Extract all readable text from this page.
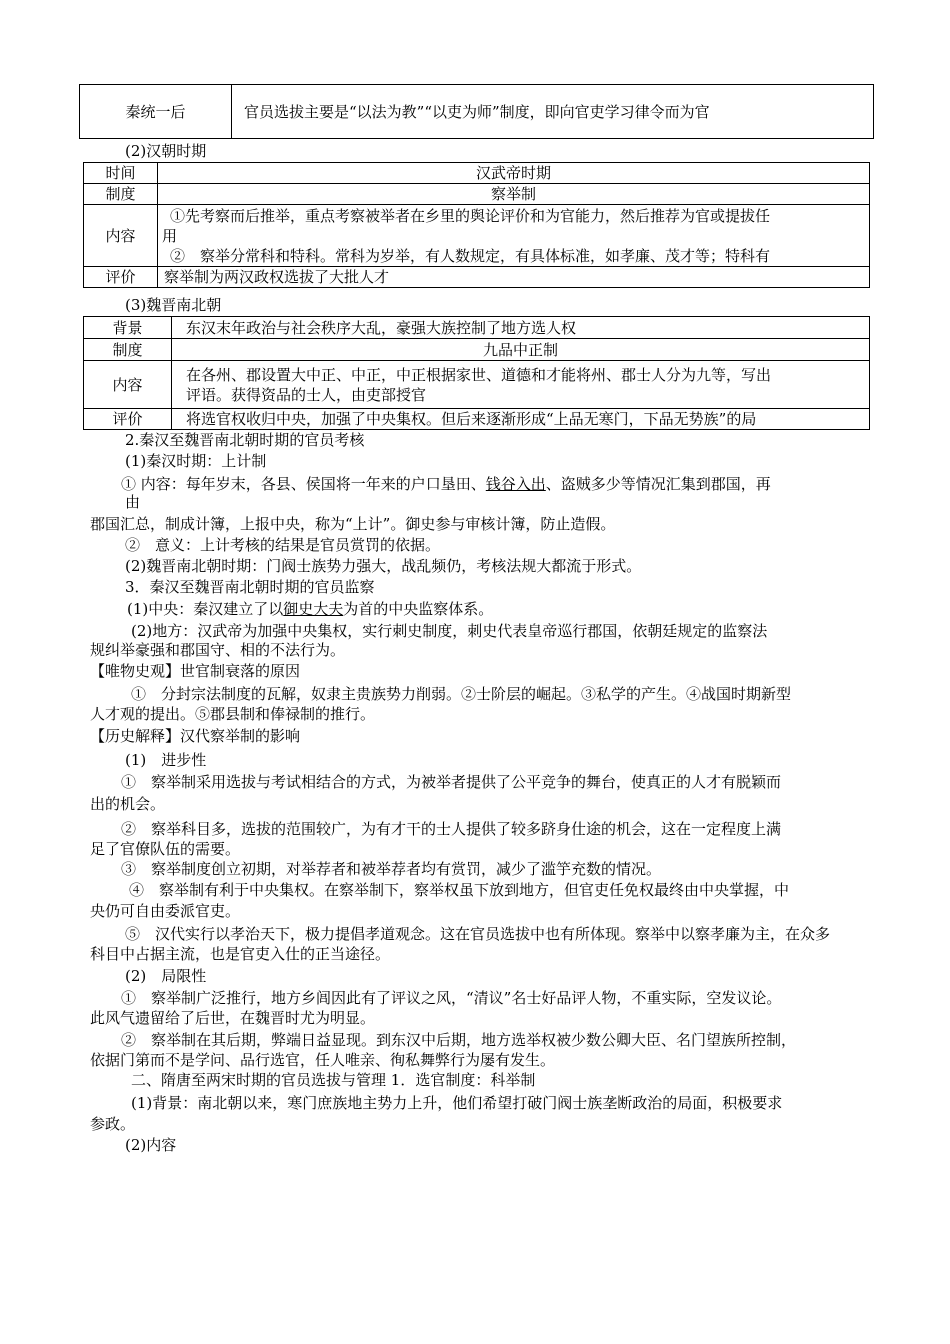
秦统一后	官员选拔主要是“以法为教”“以吏为师”制度，即向官吏学习律令而为官
(2)汉朝时期
时间	汉武帝时期
制度	察举制
内容	①先考察而后推举，重点考察被举者在乡里的舆论评价和为官能力，然后推荐为官或提拔任
用
②　察举分常科和特科。常科为岁举，有人数规定，有具体标准，如孝廉、茂才等；特科有

评价	察举制为两汉政权选拔了大批人才
(3)魏晋南北朝
背景	东汉末年政治与社会秩序大乱，豪强大族控制了地方选人权
制度	九品中正制
内容	在各州、郡设置大中正、中正，中正根据家世、道德和才能将州、郡士人分为九等，写出
评语。获得资品的士人，由吏部授官

评价	将选官权收归中央，加强了中央集权。但后来逐渐形成“上品无寒门，下品无势族”的局
2.秦汉至魏晋南北朝时期的官员考核
(1)秦汉时期：上计制
① 内容：每年岁末，各县、侯国将一年来的户口垦田、钱谷入出、盗贼多少等情况汇集到郡国，再
由
郡国汇总，制成计簿，上报中央，称为“上计”。御史参与审核计簿，防止造假。
②　意义：上计考核的结果是官员赏罚的依据。
(2)魏晋南北朝时期：门阀士族势力强大，战乱频仍，考核法规大都流于形式。
3．秦汉至魏晋南北朝时期的官员监察
(1)中央：秦汉建立了以御史大夫为首的中央监察体系。
(2)地方：汉武帝为加强中央集权，实行刺史制度，刺史代表皇帝巡行郡国，依朝廷规定的监察法
规纠举豪强和郡国守、相的不法行为。
【唯物史观】世官制衰落的原因
①　分封宗法制度的瓦解，奴隶主贵族势力削弱。②士阶层的崛起。③私学的产生。④战国时期新型
人才观的提出。⑤郡县制和俸禄制的推行。
【历史解释】汉代察举制的影响
(1)　进步性
①　察举制采用选拔与考试相结合的方式，为被举者提供了公平竞争的舞台，使真正的人才有脱颖而
出的机会。
②　察举科目多，选拔的范围较广，为有才干的士人提供了较多跻身仕途的机会，这在一定程度上满
足了官僚队伍的需要。
③　察举制度创立初期，对举荐者和被举荐者均有赏罚，减少了滥竽充数的情况。
④　察举制有利于中央集权。在察举制下，察举权虽下放到地方，但官吏任免权最终由中央掌握，中
央仍可自由委派官吏。
⑤　汉代实行以孝治天下，极力提倡孝道观念。这在官员选拔中也有所体现。察举中以察孝廉为主，在众多
科目中占据主流，也是官吏入仕的正当途径。
(2)　局限性
①　察举制广泛推行，地方乡闾因此有了评议之风，“清议”名士好品评人物，不重实际，空发议论。
此风气遗留给了后世，在魏晋时尤为明显。
②　察举制在其后期，弊端日益显现。到东汉中后期，地方选举权被少数公卿大臣、名门望族所控制，
依据门第而不是学问、品行选官，任人唯亲、徇私舞弊行为屡有发生。
二、隋唐至两宋时期的官员选拔与管理 1．选官制度：科举制
(1)背景：南北朝以来，寒门庶族地主势力上升，他们希望打破门阀士族垄断政治的局面，积极要求
参政。
(2)内容
